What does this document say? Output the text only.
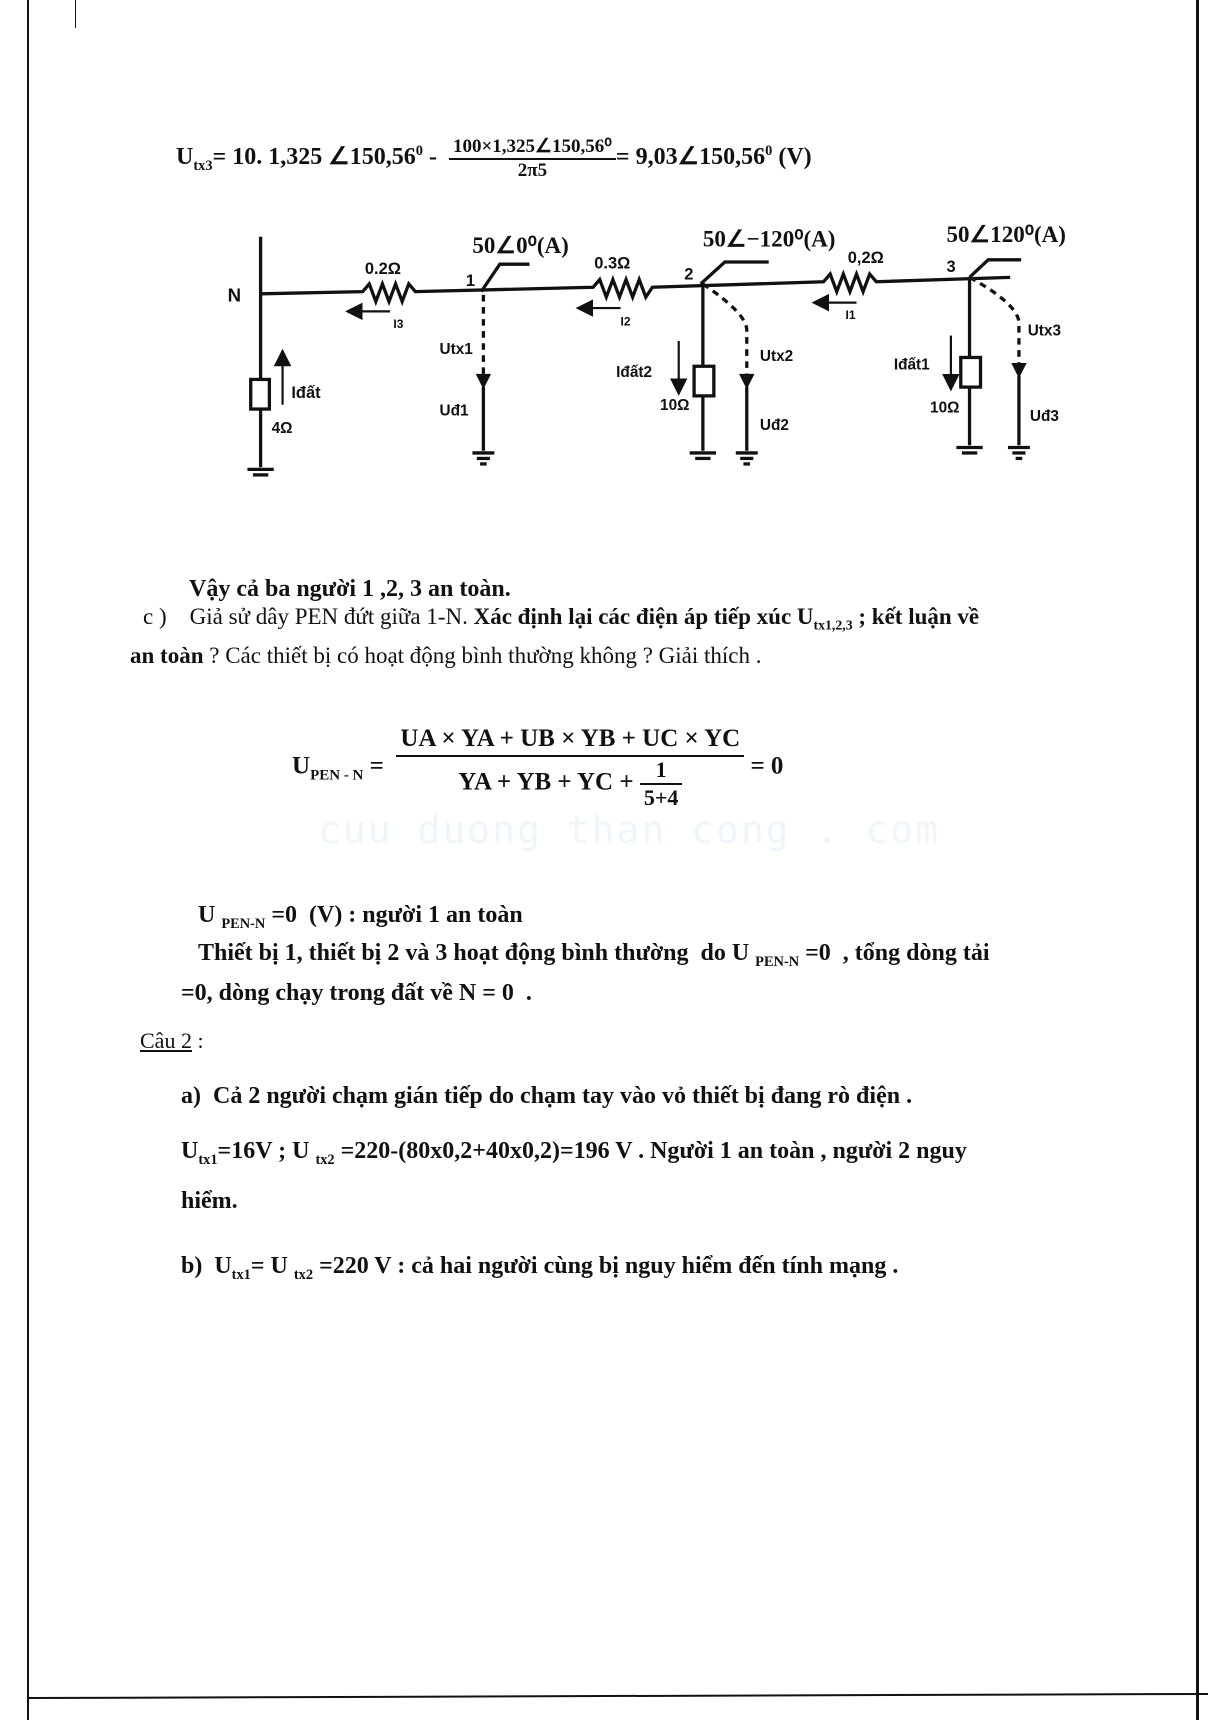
$U_{tx3}= 10$. 1,325 ∠150,56$^0$ - $\frac{\text{100×1,325∠150,56⁰}}{2\pi 5}$ = $9,03\angle 150,56^0$ (V)
N
0.2Ω	0.3Ω	0,2Ω
1	2	3
50∠0⁰(A)	50∠−120⁰(A)	50∠120⁰(A)
I3	I2	I1
Iđất
4Ω
Utx1
Uđ1
Iđất2
10Ω
Utx2
Uđ2
Iđất1
10Ω
Utx3
Uđ3
Vậy cả ba người 1 ,2, 3 an toàn.
c ) Giả sử dây PEN đứt giữa 1-N. Xác định lại các điện áp tiếp xúc $U_{tx1,2,3}$ ; kết luận về
an toàn ? Các thiết bị có hoạt động bình thường không ? Giải thích .
$U_{PEN - N} = \frac{UA \times YA + UB \times YB + UC \times YC}{YA + YB + YC + \frac{1}{5+4}} = 0$
cuu duong than cong . com
U $_{PEN-N}$ =0  (V) : người 1 an toàn
Thiết bị 1, thiết bị 2 và 3 hoạt động bình thường  do U $_{PEN-N}$ =0  , tổng dòng tải
=0, dòng chạy trong đất về N = 0  .
Câu 2 :
a)  Cả 2 người chạm gián tiếp do chạm tay vào vỏ thiết bị đang rò điện .
$U_{tx1}=16V$ ; U $_{tx2}$ =220-(80x0,2+40x0,2)=196 V . Người 1 an toàn , người 2 nguy
hiểm.
b)  $U_{tx1}= U$ $_{tx2}$ =220 V : cả hai người cùng bị nguy hiểm đến tính mạng .
